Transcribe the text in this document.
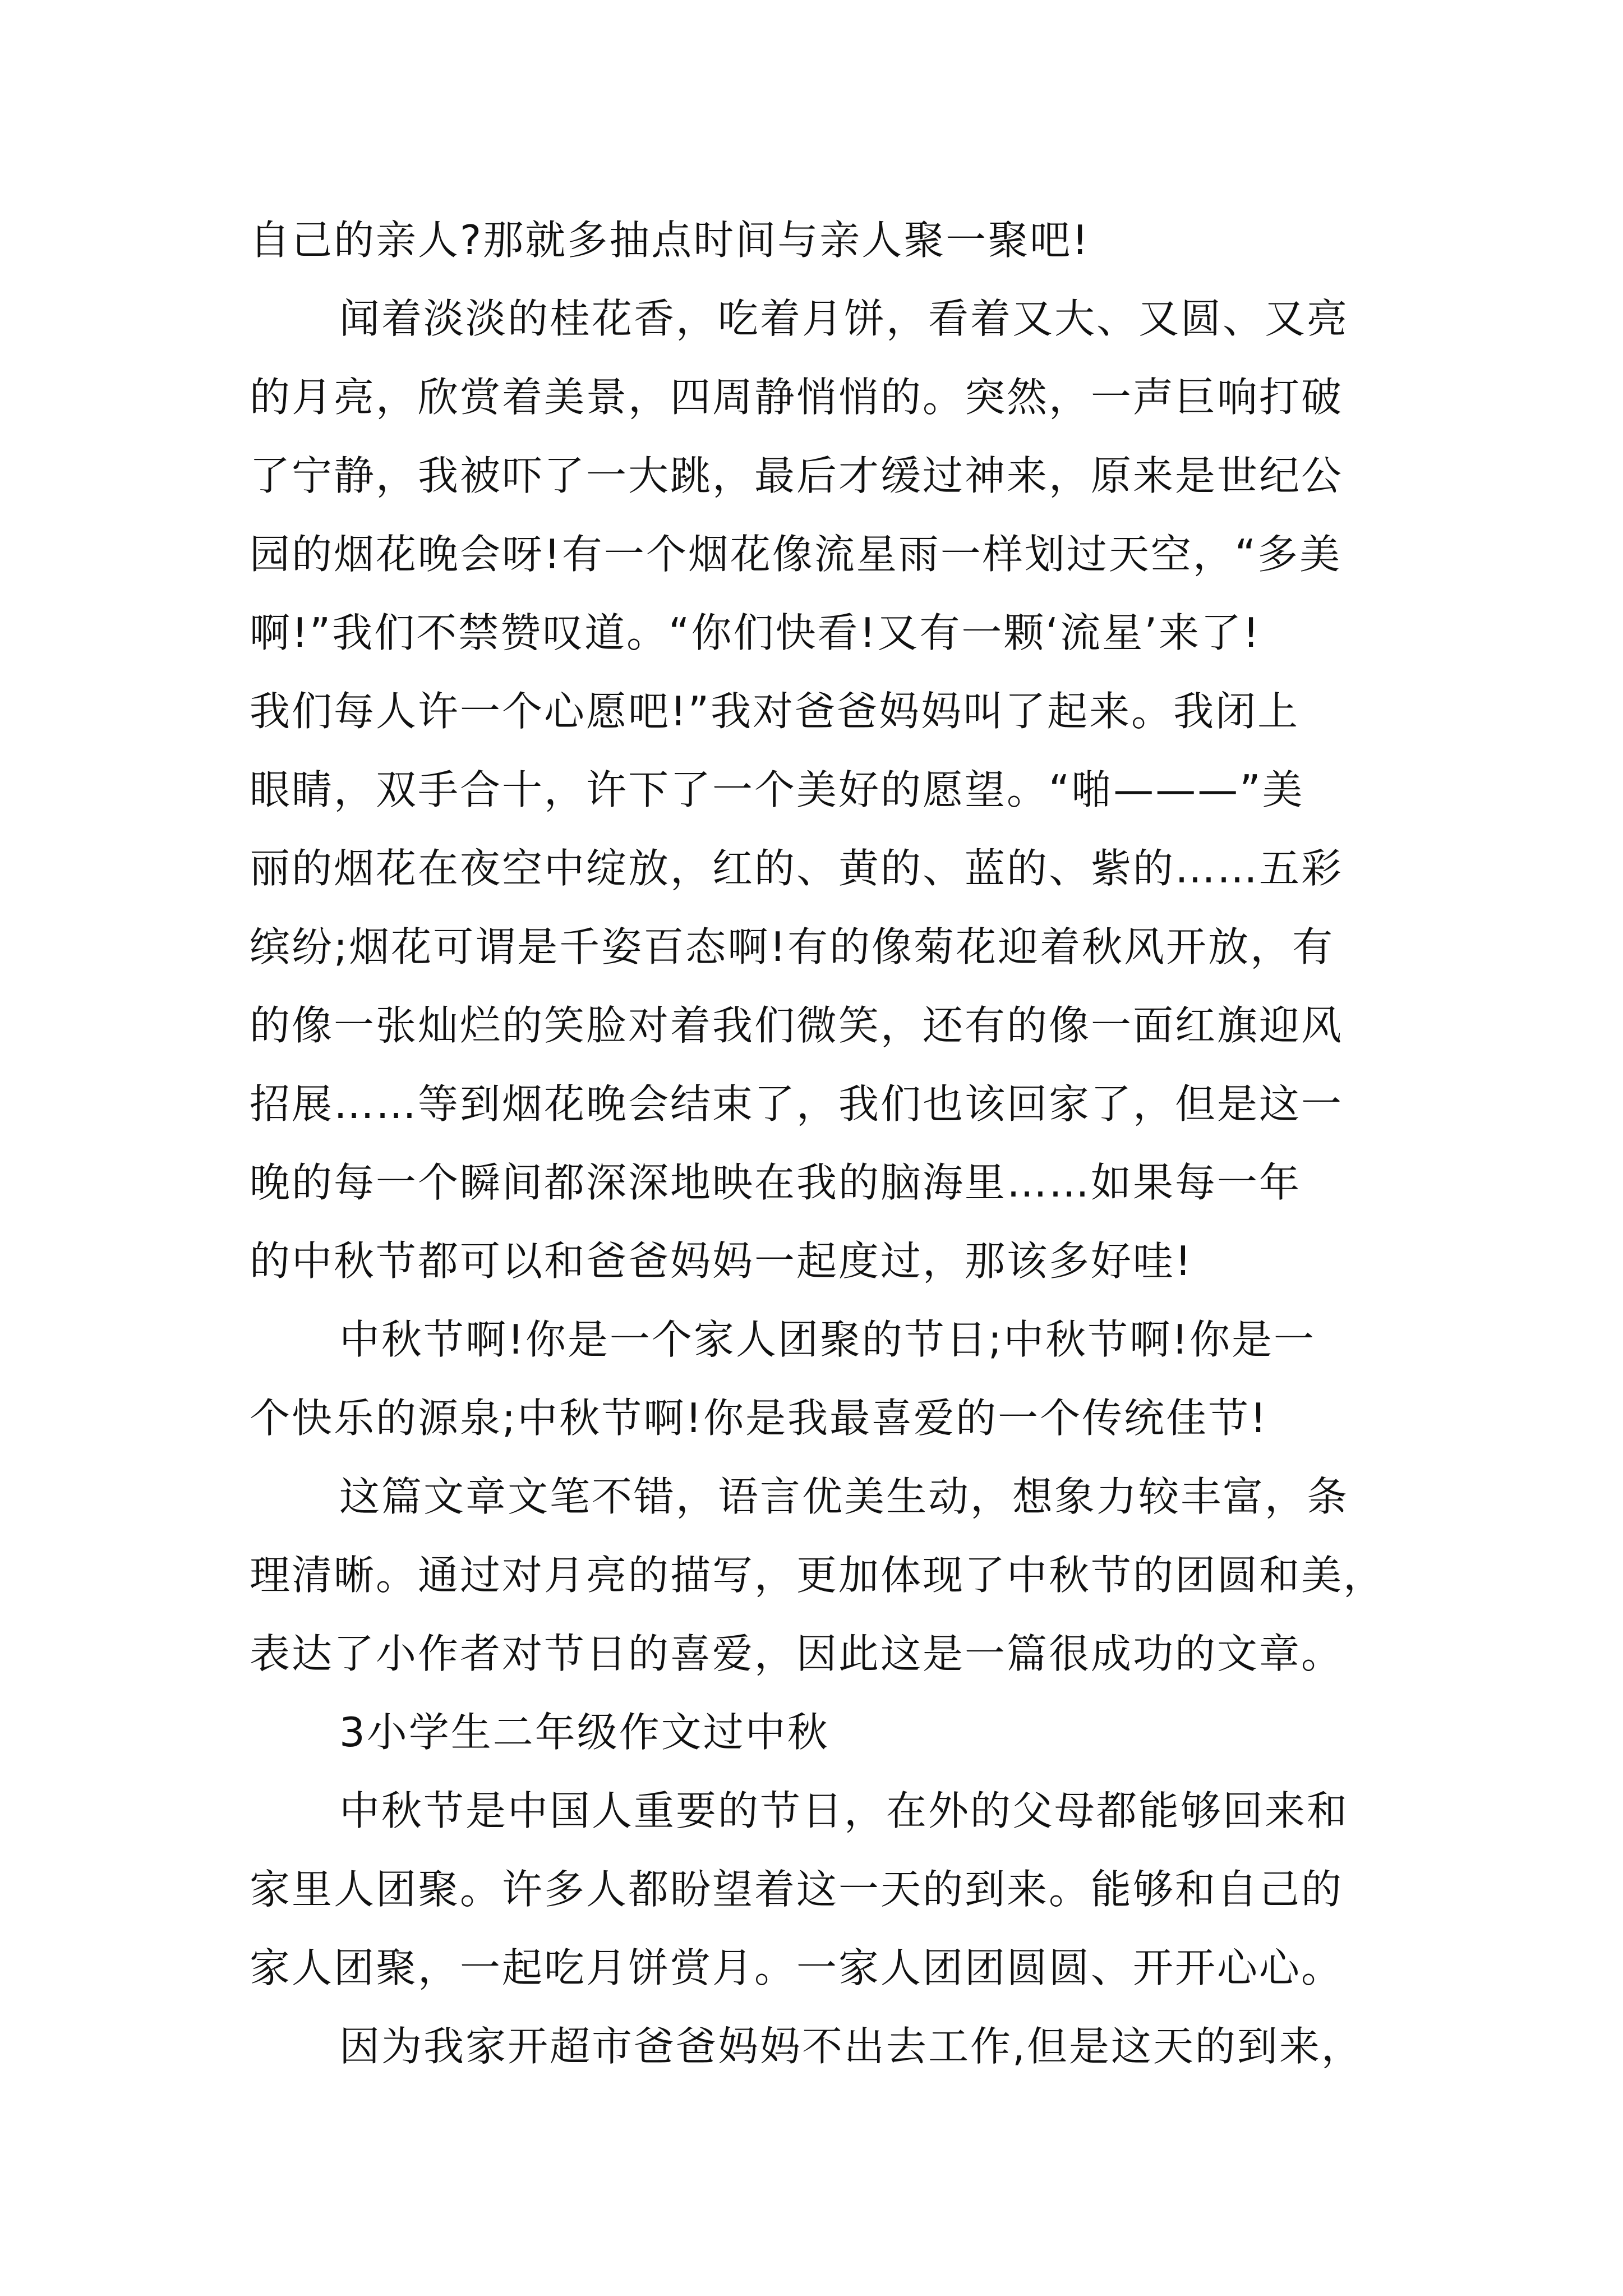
自己的亲人?那就多抽点时间与亲人聚一聚吧!
闻着淡淡的桂花香，吃着月饼，看着又大、又圆、又亮
的月亮，欣赏着美景，四周静悄悄的。突然，一声巨响打破
了宁静，我被吓了一大跳，最后才缓过神来，原来是世纪公
园的烟花晚会呀!有一个烟花像流星雨一样划过天空，“多美
啊!”我们不禁赞叹道。“你们快看!又有一颗‘流星’来了!
我们每人许一个心愿吧!”我对爸爸妈妈叫了起来。我闭上
眼睛，双手合十，许下了一个美好的愿望。“啪———”美
丽的烟花在夜空中绽放，红的、黄的、蓝的、紫的……五彩
缤纷;烟花可谓是千姿百态啊!有的像菊花迎着秋风开放，有
的像一张灿烂的笑脸对着我们微笑，还有的像一面红旗迎风
招展……等到烟花晚会结束了，我们也该回家了，但是这一
晚的每一个瞬间都深深地映在我的脑海里……如果每一年
的中秋节都可以和爸爸妈妈一起度过，那该多好哇!
中秋节啊!你是一个家人团聚的节日;中秋节啊!你是一
个快乐的源泉;中秋节啊!你是我最喜爱的一个传统佳节!
这篇文章文笔不错，语言优美生动，想象力较丰富，条
理清晰。通过对月亮的描写，更加体现了中秋节的团圆和美，
表达了小作者对节日的喜爱，因此这是一篇很成功的文章。
3小学生二年级作文过中秋
中秋节是中国人重要的节日，在外的父母都能够回来和
家里人团聚。许多人都盼望着这一天的到来。能够和自己的
家人团聚，一起吃月饼赏月。一家人团团圆圆、开开心心。
因为我家开超市爸爸妈妈不出去工作,但是这天的到来，
